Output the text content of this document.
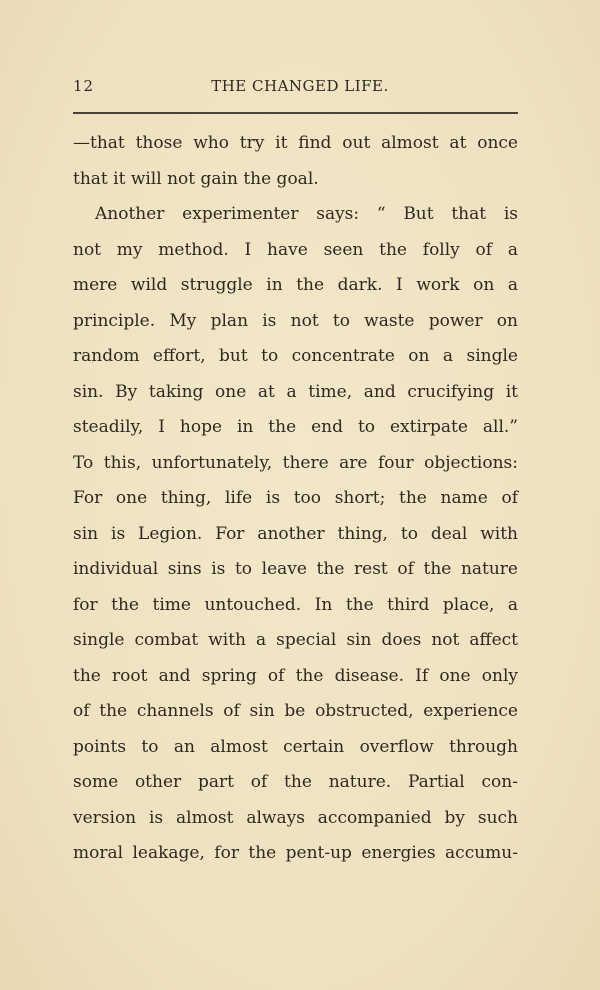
12	THE CHANGED LIFE.
—that those who try it find out almost at once
that it will not gain the goal.
Another experimenter says: “ But that is
not my method. I have seen the folly of a
mere wild struggle in the dark. I work on a
principle. My plan is not to waste power on
random effort, but to concentrate on a single
sin. By taking one at a time, and crucifying it
steadily, I hope in the end to extirpate all.”
To this, unfortunately, there are four objections:
For one thing, life is too short; the name of
sin is Legion. For another thing, to deal with
individual sins is to leave the rest of the nature
for the time untouched. In the third place, a
single combat with a special sin does not affect
the root and spring of the disease. If one only
of the channels of sin be obstructed, experience
points to an almost certain overflow through
some other part of the nature. Partial con-
version is almost always accompanied by such
moral leakage, for the pent-up energies accumu-
